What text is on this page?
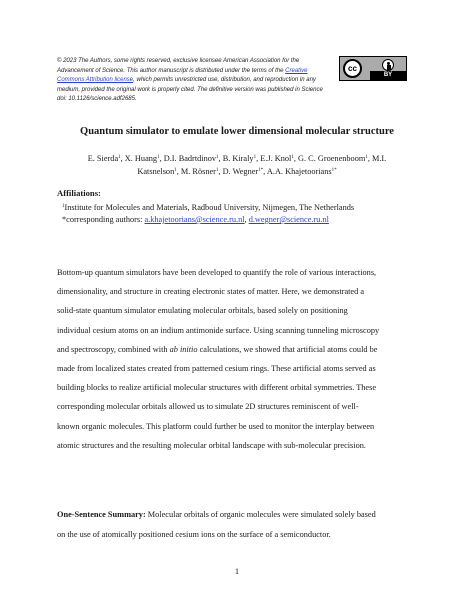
© 2023 The Authors, some rights reserved, exclusive licensee American Association for the
Advancement of Science. This author manuscript is distributed under the terms of the Creative
Commons Attribution license, which permits unrestricted use, distribution, and reproduction in any
medium, provided the original work is properly cited. The definitive version was published in Science
doi: 10.1126/science.adf2685.
cc
BY
Quantum simulator to emulate lower dimensional molecular structure
E. Sierda$^1$, X. Huang$^1$, D.I. Badrtdinov$^1$, B. Kiraly$^1$, E.J. Knol$^1$, G. C. Groenenboom$^1$, M.I.
Katsnelson$^1$, M. Rösner$^1$, D. Wegner$^{1*}$, A.A. Khajetoorians$^{1*}$
Affiliations:
$^1$Institute for Molecules and Materials, Radboud University, Nijmegen, The Netherlands
*corresponding authors: a.khajetoorians@science.ru.nl, d.wegner@science.ru.nl

Bottom-up quantum simulators have been developed to quantify the role of various interactions,

dimensionality, and structure in creating electronic states of matter. Here, we demonstrated a

solid-state quantum simulator emulating molecular orbitals, based solely on positioning

individual cesium atoms on an indium antimonide surface. Using scanning tunneling microscopy

and spectroscopy, combined with ab initio calculations, we showed that artificial atoms could be

made from localized states created from patterned cesium rings. These artificial atoms served as

building blocks to realize artificial molecular structures with different orbital symmetries. These

corresponding molecular orbitals allowed us to simulate 2D structures reminiscent of well-

known organic molecules. This platform could further be used to monitor the interplay between

atomic structures and the resulting molecular orbital landscape with sub-molecular precision.

One-Sentence Summary: Molecular orbitals of organic molecules were simulated solely based

on the use of atomically positioned cesium ions on the surface of a semiconductor.

1
